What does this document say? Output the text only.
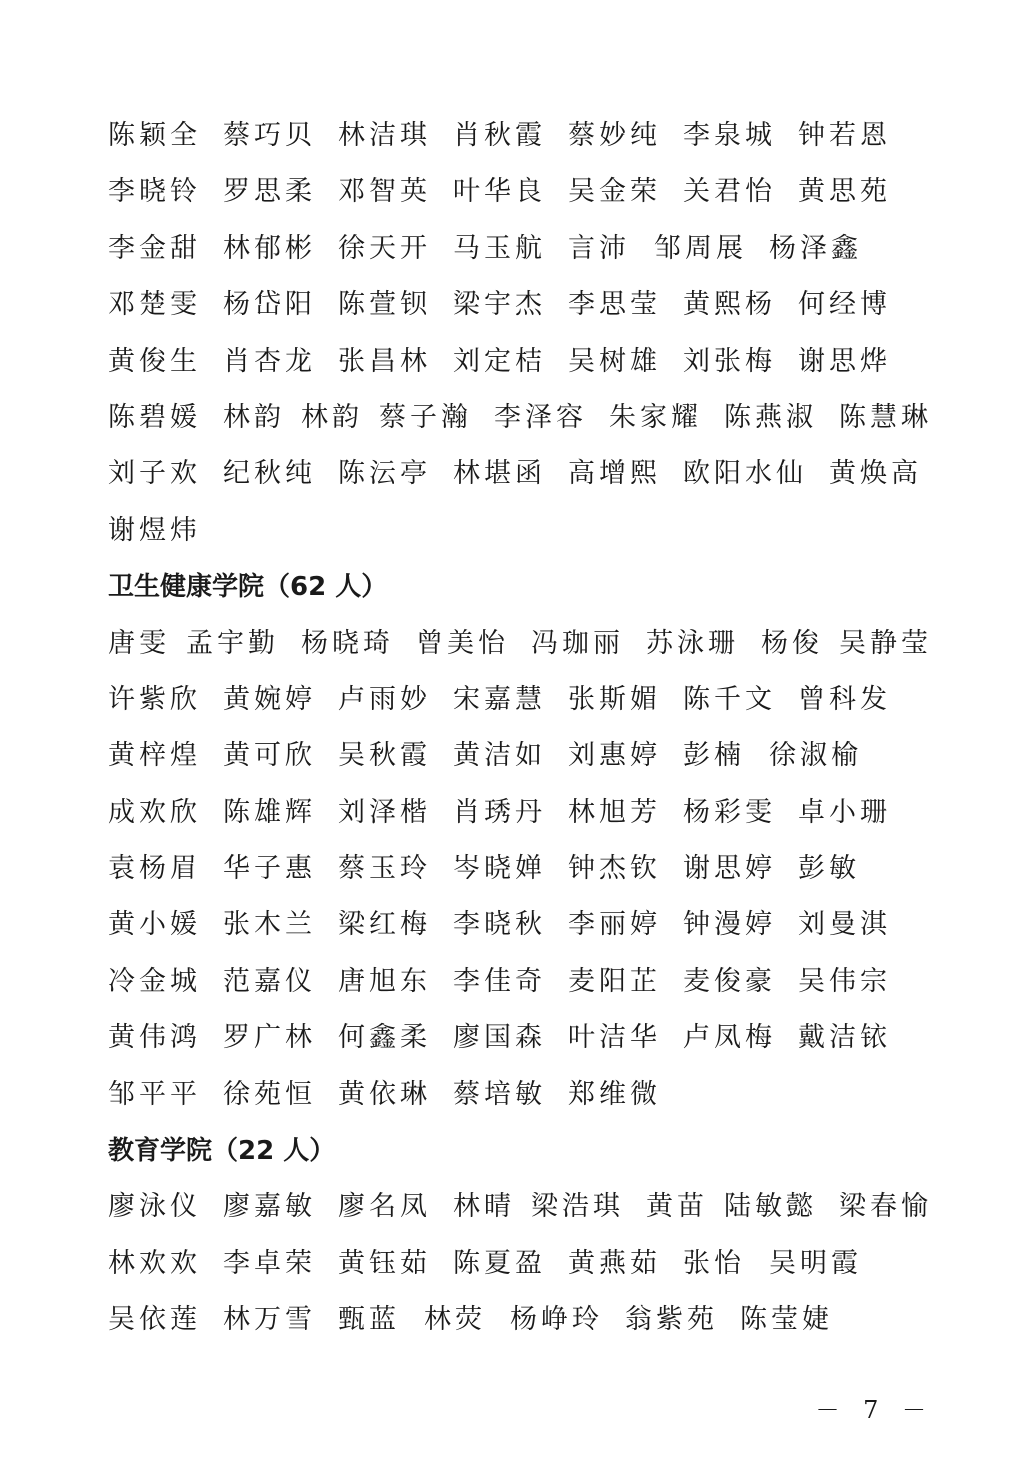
陈颖全 蔡巧贝 林洁琪 肖秋霞 蔡妙纯 李泉城 钟若恩
李晓铃 罗思柔 邓智英 叶华良 吴金荣 关君怡 黄思苑
李金甜 林郁彬 徐天开 马玉航 言沛 邹周展 杨泽鑫
邓楚雯 杨岱阳 陈萱钡 梁宇杰 李思莹 黄熙杨 何经博
黄俊生 肖杏龙 张昌林 刘定桔 吴树雄 刘张梅 谢思烨
陈碧媛 林韵 林韵 蔡子瀚 李泽容 朱家耀 陈燕淑 陈慧琳
刘子欢 纪秋纯 陈沄亭 林堪函 高增熙 欧阳水仙 黄焕高
谢煜炜
卫生健康学院（62 人）
唐雯 孟宇勤 杨晓琦 曾美怡 冯珈丽 苏泳珊 杨俊 吴静莹
许紫欣 黄婉婷 卢雨妙 宋嘉慧 张斯媚 陈千文 曾科发
黄梓煌 黄可欣 吴秋霞 黄洁如 刘惠婷 彭楠 徐淑榆
成欢欣 陈雄辉 刘泽楷 肖琇丹 林旭芳 杨彩雯 卓小珊
袁杨眉 华子惠 蔡玉玲 岑晓婵 钟杰钦 谢思婷 彭敏
黄小媛 张木兰 梁红梅 李晓秋 李丽婷 钟漫婷 刘曼淇
冷金城 范嘉仪 唐旭东 李佳奇 麦阳芷 麦俊豪 吴伟宗
黄伟鸿 罗广林 何鑫柔 廖国森 叶洁华 卢凤梅 戴洁铱
邹平平 徐苑恒 黄依琳 蔡培敏 郑维微
教育学院（22 人）
廖泳仪 廖嘉敏 廖名凤 林晴 梁浩琪 黄苗 陆敏懿 梁春愉
林欢欢 李卓荣 黄钰茹 陈夏盈 黄燕茹 张怡 吴明霞
吴依莲 林万雪 甄蓝 林荧 杨峥玲 翁紫苑 陈莹婕
－ 7 －
